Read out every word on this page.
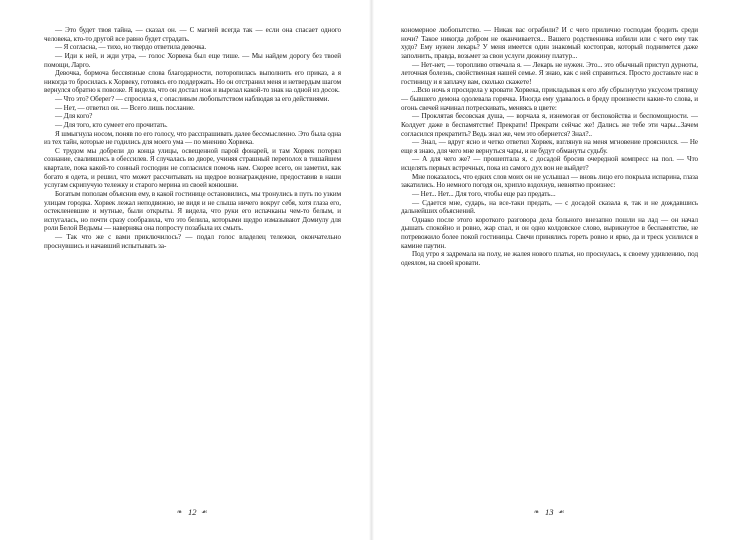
— Это будет твоя тайна, — сказал он. — С магией всегда так — если она спасает одного человека, кто-то другой все равно будет страдать.

— Я согласна, — тихо, но твердо ответила девочка.

— Иди к ней, и жди утра, — голос Хорвека был еще тише. — Мы найдем дорогу без твоей помощи, Ларго.

Девочка, бормоча бессвязные слова благодарности, поторопилась выполнить его приказ, а я никогда то бросилась к Хорвеку, готовясь его поддержать. Но он отстранил меня и нетвердым шагом вернулся обратно к повозке. Я видела, что он достал нож и вырезал какой-то знак на одной из досок.

— Что это? Оберег? — спросила я, с опасливым любопытством наблюдая за его действиями.

— Нет, — ответил он. — Всего лишь послание.

— Для кого?

— Для того, кто сумеет его прочитать.

Я шмыгнула носом, поняв по его голосу, что расспрашивать далее бессмысленно. Это была одна из тех тайн, которые не годились для моего ума — по мнению Хорвека.

С трудом мы добрели до конца улицы, освещенной парой фонарей, и там Хорвек потерял сознание, свалившись в обессилев. Я случалась во дворе, учиняя страшный переполох в тишайшем квартале, пока какой-то сонный господин не согласился помочь нам. Скорее всего, он заметил, как богато я одета, и решил, что может рассчитывать на щедрое вознаграждение, предоставив в наши услугам скрипучую тележку и старого мерина из своей конюшни.

Богатым пополам объяснив ему, в какой гостинице остановились, мы тронулись в путь по узким улицам городка. Хорвек лежал неподвижно, не видя и не слыша ничего вокруг себя, хотя глаза его, остекленевшие и мутные, были открыты. Я видела, что руки его испачканы чем-то белым, и испугалась, но почти сразу сообразила, что это белила, которыми щедро измазывают Домиулу для роли Белой Ведьмы — наверняка она попросту позабыла их смыть.

— Так что же с вами приключилось? — подал голос владелец тележки, окончательно проснувшись и начавший испытывать за-

❧ 12 ☙

кономерное любопытство. — Никак вас ограбили? И с чего прилично господам бродить среди ночи? Такое никогда добром не оканчивается... Вашего родственника избили или с чего ему так худо? Ему нужен лекарь? У меня имеется один знакомый костоправ, который поднимется даже заполнить, правда, возьмет за свои услуги дюжину платур...

— Нет-нет, — торопливо отвечала я. — Лекарь не нужен. Это... это обычный приступ дурноты, леточная болезнь, свойственная нашей семье. Я знаю, как с ней справиться. Просто доставьте нас в гостиницу и я заплачу вам, сколько скажете!

...Всю ночь я просидела у кровати Хорвека, прикладывая к его лбу сбрызнутую уксусом тряпицу — бывшего демона одолевала горячка. Иногда ему удавалось в бреду произнести какие-то слова, и огонь свечей начинал потрескивать, меняясь в цвете:

— Проклятая бесовская душа, — ворчала я, изнемогая от беспокойства и беспомощности. — Колдует даже в беспамятстве! Прекрати! Прекрати сейчас же! Дались же тебе эти чары...Зачем согласился прекратить? Ведь знал же, чем это обернется? Знал?..

— Знал, — вдруг ясно и четко ответил Хорвек, взглянув на меня мгновение прояснился. — Не еще я знаю, для чего мне вернуться чары, и не будут обмануты судьбу.

— А для чего же? — прошептала я, с досадой бросив очередной компресс на пол. — Что исцелять первых встречных, пока из самого дух вон не выйдет?

Мне показалось, что едких слов моих он не услышал — вновь лицо его покрыла испарина, глаза закатились. Но немного погодя он, хрипло вздохнув, невнятно произнес:

— Нет... Нет... Для того, чтобы еще раз предать...

— Сдается мне, сударь, на все-таки предать, — с досадой сказала я, так и не дождавшись дальнейших объяснений.

Однако после этого короткого разговора дела больного внезапно пошли на лад — он начал дышать спокойно и ровно, жар спал, и он одно колдовское слово, вырикнутое в беспамятстве, не потревожило более покой гостиницы. Свечи принялись гореть ровно и ярко, да и треск усилился в камине паутин.

Под утро я задремала на полу, не жалея нового платья, но проснулась, к своему удивлению, под одеялом, на своей кровати.

❧ 13 ☙
